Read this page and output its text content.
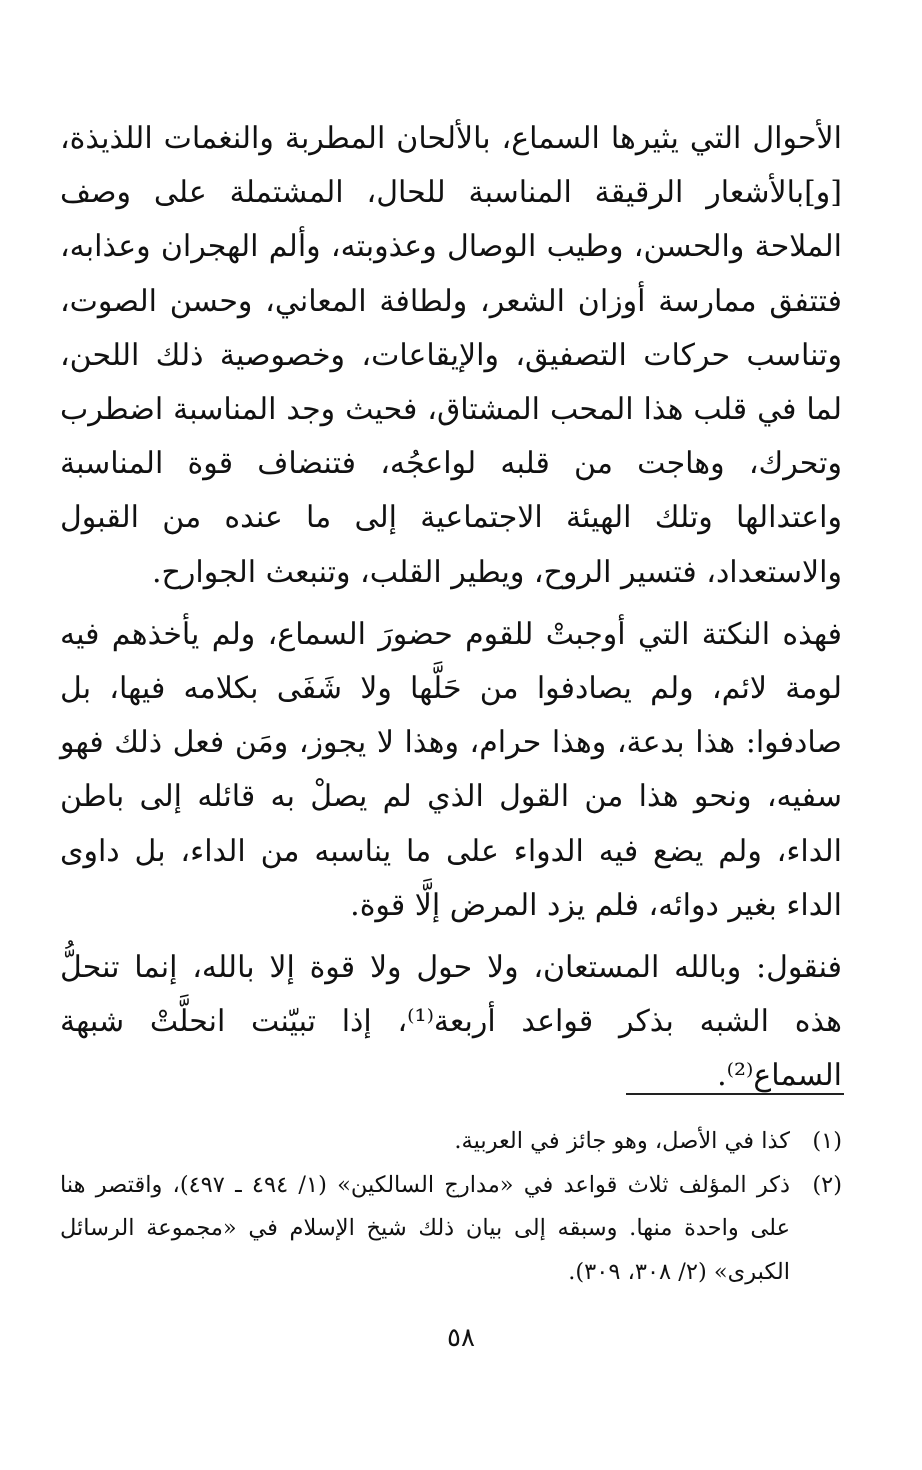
الأحوال التي يثيرها السماع، بالألحان المطربة والنغمات اللذيذة، [و]بالأشعار الرقيقة المناسبة للحال، المشتملة على وصف الملاحة والحسن، وطيب الوصال وعذوبته، وألم الهجران وعذابه، فتتفق ممارسة أوزان الشعر، ولطافة المعاني، وحسن الصوت، وتناسب حركات التصفيق، والإيقاعات، وخصوصية ذلك اللحن، لما في قلب هذا المحب المشتاق، فحيث وجد المناسبة اضطرب وتحرك، وهاجت من قلبه لواعجُه، فتنضاف قوة المناسبة واعتدالها وتلك الهيئة الاجتماعية إلى ما عنده من القبول والاستعداد، فتسير الروح، ويطير القلب، وتنبعث الجوارح.

فهذه النكتة التي أوجبتْ للقوم حضورَ السماع، ولم يأخذهم فيه لومة لائم، ولم يصادفوا من حَلَّها ولا شَفَى بكلامه فيها، بل صادفوا: هذا بدعة، وهذا حرام، وهذا لا يجوز، ومَن فعل ذلك فهو سفيه، ونحو هذا من القول الذي لم يصلْ به قائله إلى باطن الداء، ولم يضع فيه الدواء على ما يناسبه من الداء، بل داوى الداء بغير دوائه، فلم يزد المرض إلَّا قوة.

فنقول: وبالله المستعان، ولا حول ولا قوة إلا بالله، إنما تنحلُّ هذه الشبه بذكر قواعد أربعة⁽¹⁾، إذا تبيّنت انحلَّتْ شبهة السماع⁽²⁾.

(١)
كذا في الأصل، وهو جائز في العربية.
(٢)
ذكر المؤلف ثلاث قواعد في «مدارج السالكين» (١/ ٤٩٤ ـ ٤٩٧)، واقتصر هنا على واحدة منها. وسبقه إلى بيان ذلك شيخ الإسلام في «مجموعة الرسائل الكبرى» (٢/ ٣٠٨، ٣٠٩).
٥٨
